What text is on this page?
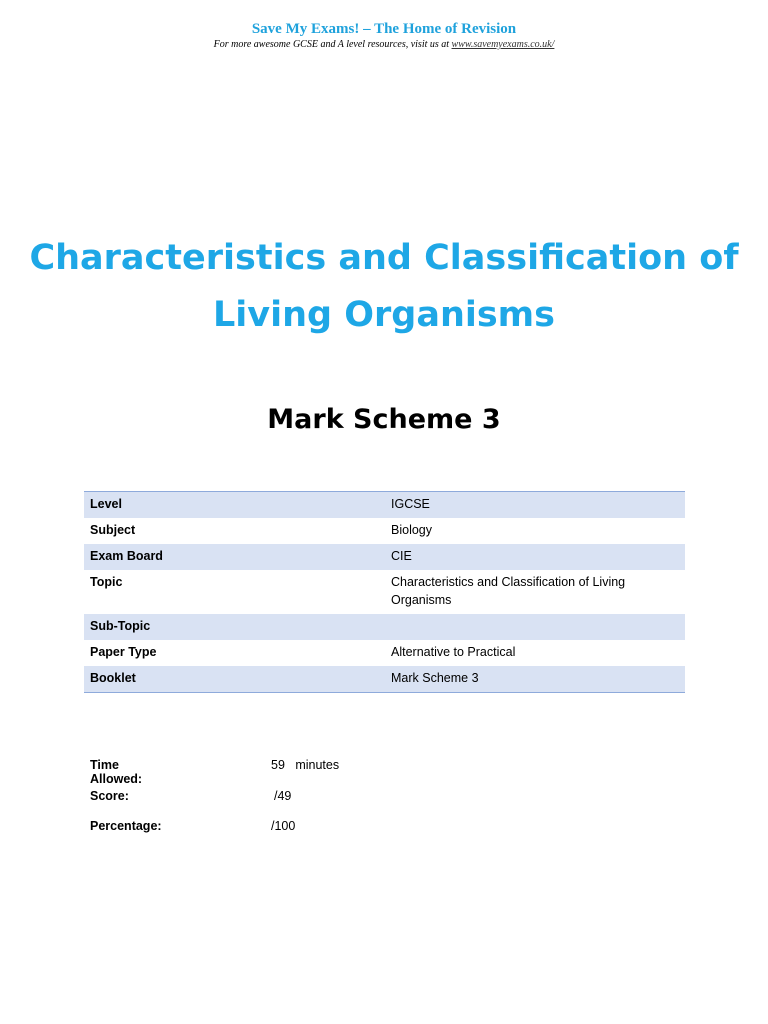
Save My Exams! – The Home of Revision

For more awesome GCSE and A level resources, visit us at www.savemyexams.co.uk/

Characteristics and Classification of Living Organisms
Mark Scheme 3
Level	IGCSE
Subject	Biology
Exam Board	CIE
Topic	Characteristics and Classification of Living Organisms
Sub-Topic	
Paper Type	Alternative to Practical
Booklet	Mark Scheme 3
Time Allowed:
59   minutes
Score:	/49
Percentage:	/100
